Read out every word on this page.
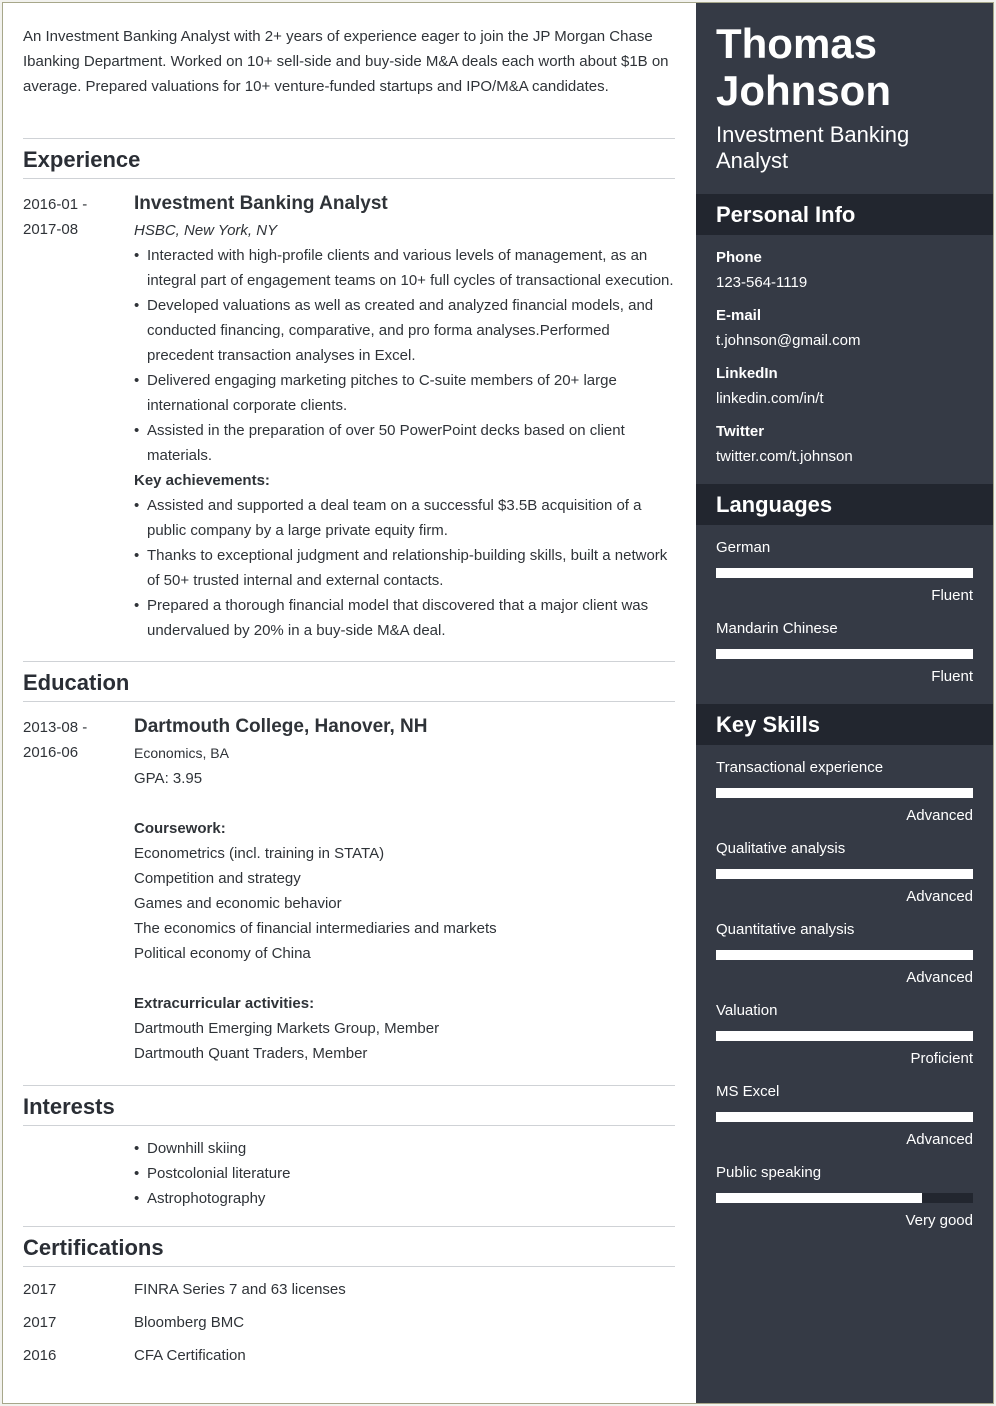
An Investment Banking Analyst with 2+ years of experience eager to join the JP Morgan Chase Ibanking Department. Worked on 10+ sell-side and buy-side M&A deals each worth about $1B on average. Prepared valuations for 10+ venture-funded startups and IPO/M&A candidates.
Experience
2016-01 -
2017-08
Investment Banking Analyst
HSBC, New York, NY
• Interacted with high-profile clients and various levels of management, as an integral part of engagement teams on 10+ full cycles of transactional execution.
• Developed valuations as well as created and analyzed financial models, and conducted financing, comparative, and pro forma analyses.Performed precedent transaction analyses in Excel.
• Delivered engaging marketing pitches to C-suite members of 20+ large international corporate clients.
• Assisted in the preparation of over 50 PowerPoint decks based on client materials.
Key achievements:
• Assisted and supported a deal team on a successful $3.5B acquisition of a public company by a large private equity firm.
• Thanks to exceptional judgment and relationship-building skills, built a network of 50+ trusted internal and external contacts.
• Prepared a thorough financial model that discovered that a major client was undervalued by 20% in a buy-side M&A deal.
Education
2013-08 -
2016-06
Dartmouth College, Hanover, NH
Economics, BA
GPA: 3.95
Coursework:
Econometrics (incl. training in STATA)
Competition and strategy
Games and economic behavior
The economics of financial intermediaries and markets
Political economy of China
Extracurricular activities:
Dartmouth Emerging Markets Group, Member
Dartmouth Quant Traders, Member
Interests
• Downhill skiing
• Postcolonial literature
• Astrophotography
Certifications
2017	FINRA Series 7 and 63 licenses
2017	Bloomberg BMC
2016	CFA Certification
Thomas
Johnson
Investment Banking Analyst
Personal Info
Phone
123-564-1119
E-mail
t.johnson@gmail.com
LinkedIn
linkedin.com/in/t
Twitter
twitter.com/t.johnson
Languages
German
Fluent
Mandarin Chinese
Fluent
Key Skills
Transactional experience
Advanced
Qualitative analysis
Advanced
Quantitative analysis
Advanced
Valuation
Proficient
MS Excel
Advanced
Public speaking
Very good
